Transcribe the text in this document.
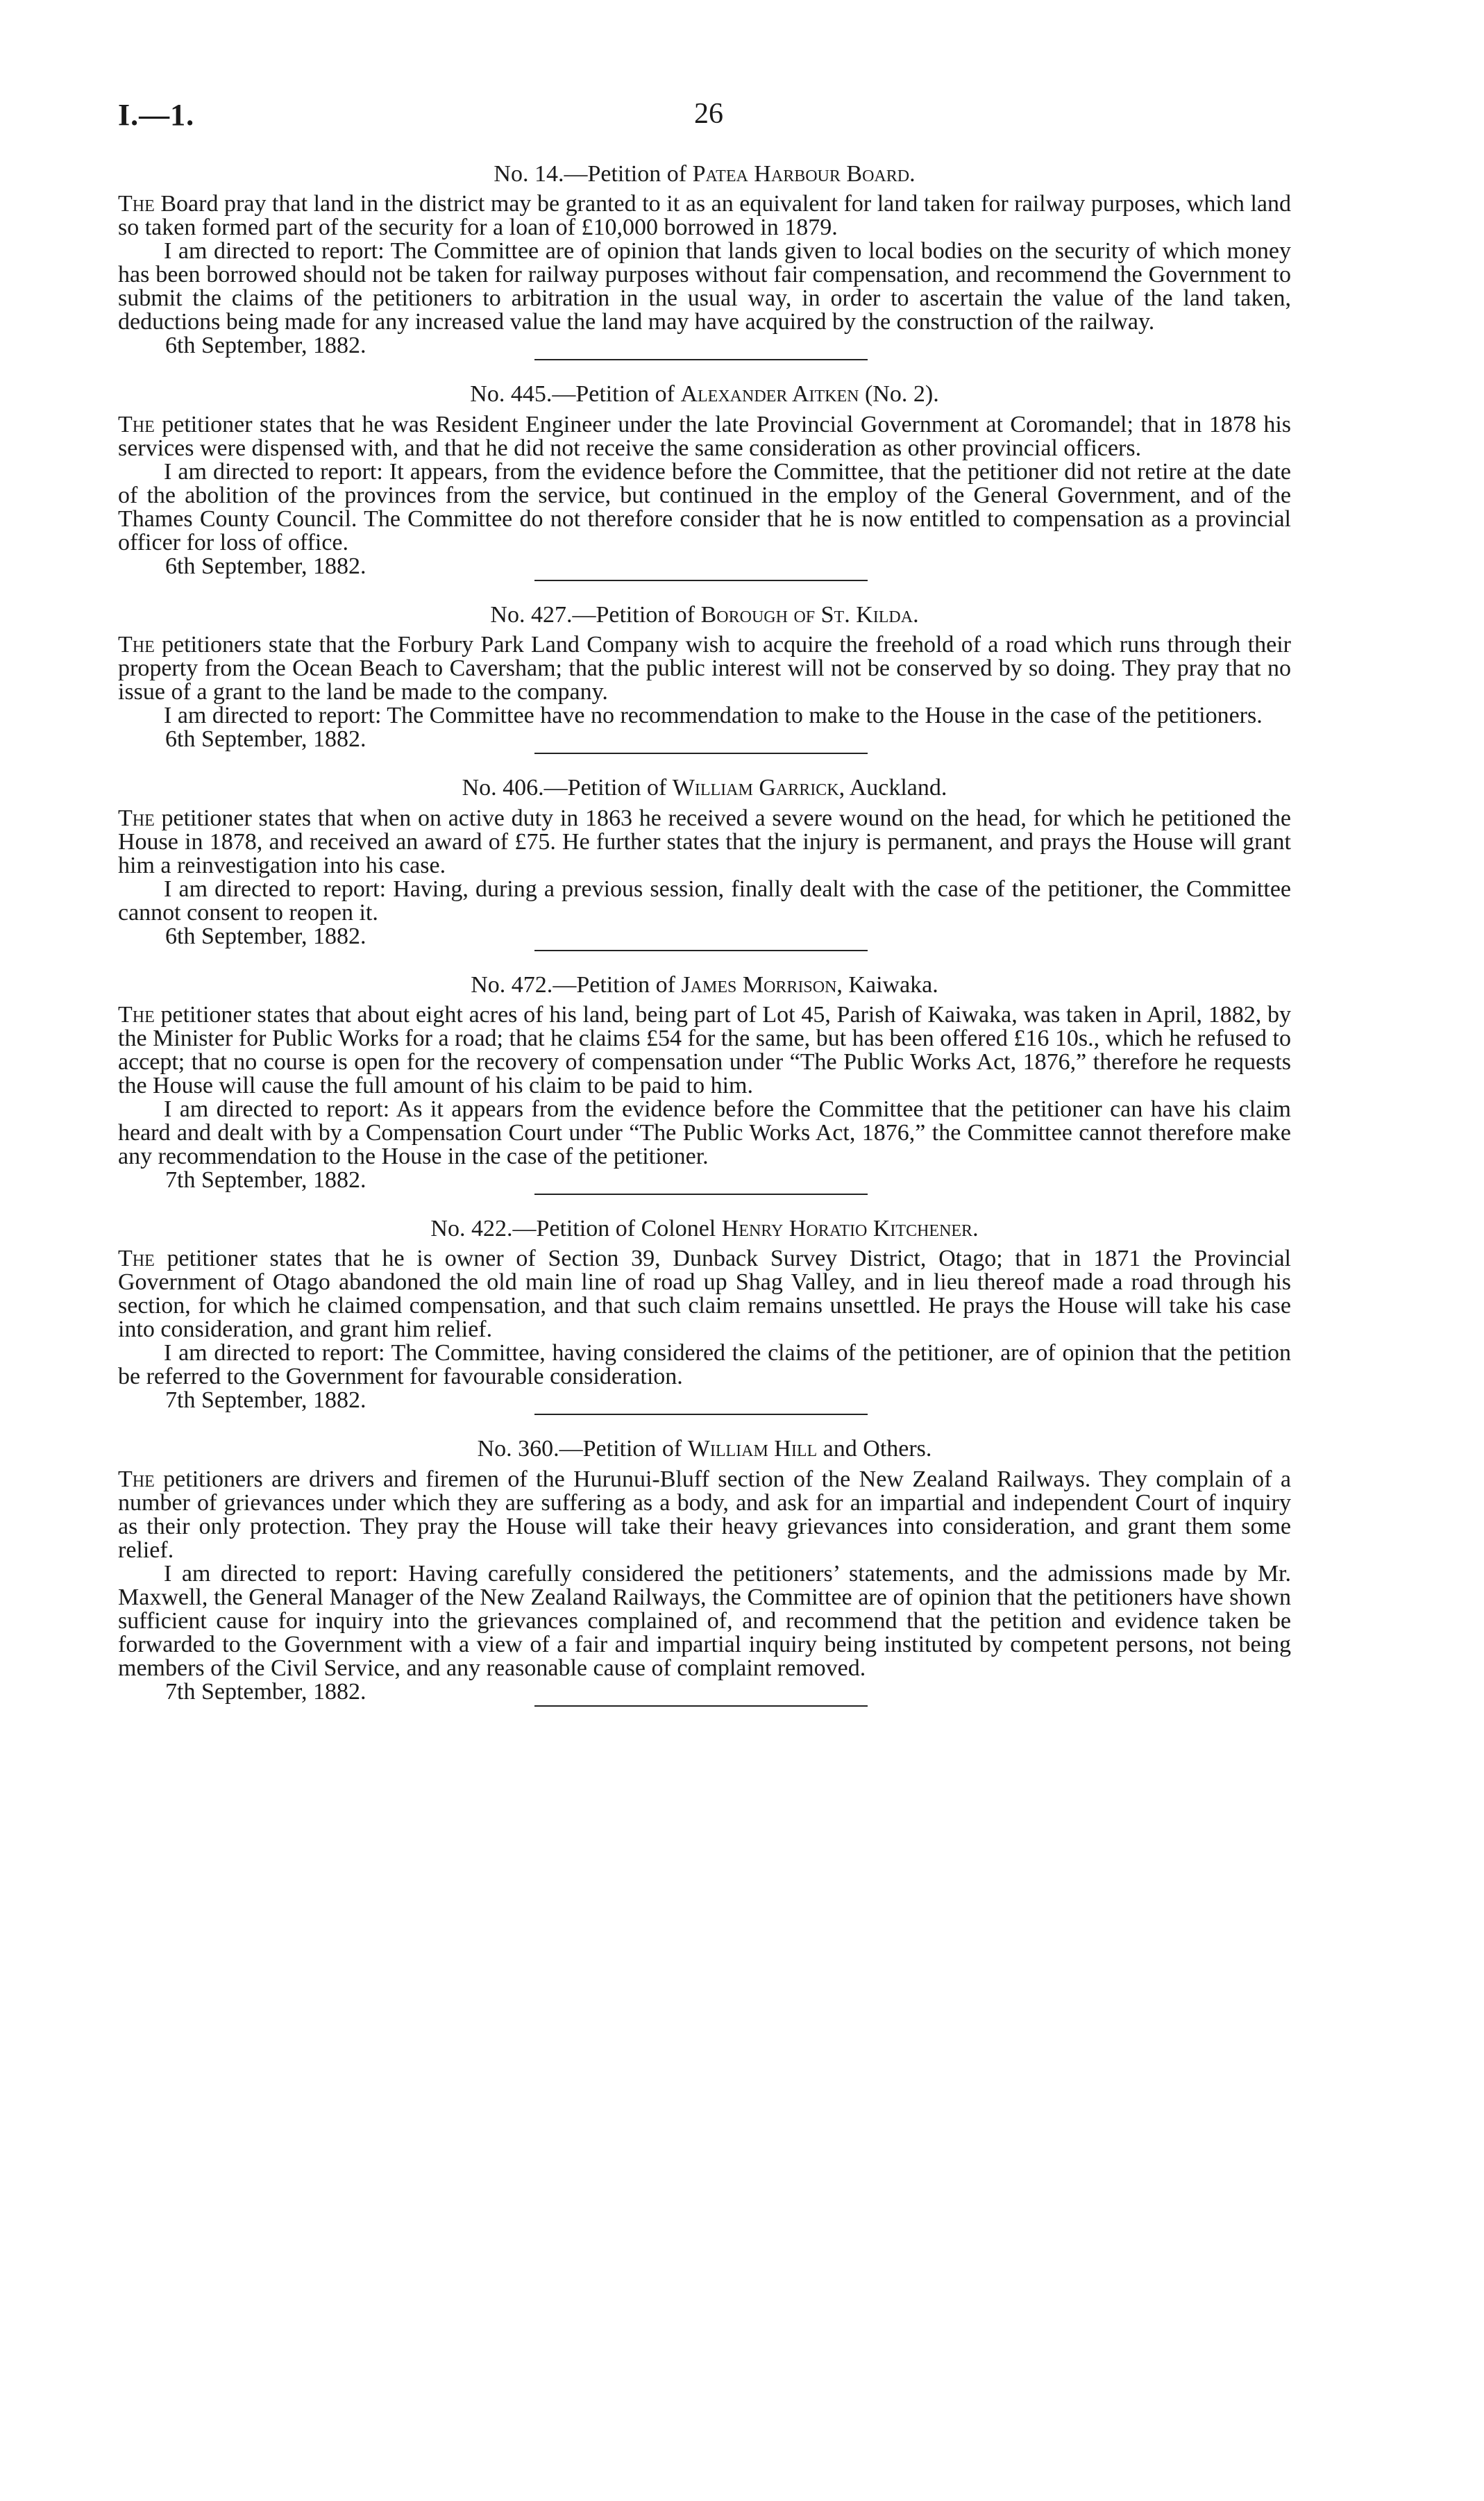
I.—1.	26

No. 14.—Petition of Patea Harbour Board.

The Board pray that land in the district may be granted to it as an equivalent for land taken for railway purposes, which land so taken formed part of the security for a loan of £10,000 borrowed in 1879.

I am directed to report: The Committee are of opinion that lands given to local bodies on the security of which money has been borrowed should not be taken for railway purposes without fair compensation, and recommend the Government to submit the claims of the petitioners to arbitration in the usual way, in order to ascertain the value of the land taken, deductions being made for any increased value the land may have acquired by the construction of the railway.

6th September, 1882.

No. 445.—Petition of Alexander Aitken (No. 2).

The petitioner states that he was Resident Engineer under the late Provincial Government at Coromandel; that in 1878 his services were dispensed with, and that he did not receive the same consideration as other provincial officers.

I am directed to report: It appears, from the evidence before the Committee, that the petitioner did not retire at the date of the abolition of the provinces from the service, but continued in the employ of the General Government, and of the Thames County Council. The Committee do not therefore consider that he is now entitled to compensation as a provincial officer for loss of office.

6th September, 1882.

No. 427.—Petition of Borough of St. Kilda.

The petitioners state that the Forbury Park Land Company wish to acquire the freehold of a road which runs through their property from the Ocean Beach to Caversham; that the public interest will not be conserved by so doing. They pray that no issue of a grant to the land be made to the company.

I am directed to report: The Committee have no recommendation to make to the House in the case of the petitioners.

6th September, 1882.

No. 406.—Petition of William Garrick, Auckland.

The petitioner states that when on active duty in 1863 he received a severe wound on the head, for which he petitioned the House in 1878, and received an award of £75. He further states that the injury is permanent, and prays the House will grant him a reinvestigation into his case.

I am directed to report: Having, during a previous session, finally dealt with the case of the petitioner, the Committee cannot consent to reopen it.

6th September, 1882.

No. 472.—Petition of James Morrison, Kaiwaka.

The petitioner states that about eight acres of his land, being part of Lot 45, Parish of Kaiwaka, was taken in April, 1882, by the Minister for Public Works for a road; that he claims £54 for the same, but has been offered £16 10s., which he refused to accept; that no course is open for the recovery of compensation under “The Public Works Act, 1876,” therefore he requests the House will cause the full amount of his claim to be paid to him.

I am directed to report: As it appears from the evidence before the Committee that the petitioner can have his claim heard and dealt with by a Compensation Court under “The Public Works Act, 1876,” the Committee cannot therefore make any recommendation to the House in the case of the petitioner.

7th September, 1882.

No. 422.—Petition of Colonel Henry Horatio Kitchener.

The petitioner states that he is owner of Section 39, Dunback Survey District, Otago; that in 1871 the Provincial Government of Otago abandoned the old main line of road up Shag Valley, and in lieu thereof made a road through his section, for which he claimed compensation, and that such claim remains unsettled. He prays the House will take his case into consideration, and grant him relief.

I am directed to report: The Committee, having considered the claims of the petitioner, are of opinion that the petition be referred to the Government for favourable consideration.

7th September, 1882.

No. 360.—Petition of William Hill and Others.

The petitioners are drivers and firemen of the Hurunui-Bluff section of the New Zealand Railways. They complain of a number of grievances under which they are suffering as a body, and ask for an impartial and independent Court of inquiry as their only protection. They pray the House will take their heavy grievances into consideration, and grant them some relief.

I am directed to report: Having carefully considered the petitioners’ statements, and the admissions made by Mr. Maxwell, the General Manager of the New Zealand Railways, the Committee are of opinion that the petitioners have shown sufficient cause for inquiry into the grievances complained of, and recommend that the petition and evidence taken be forwarded to the Government with a view of a fair and impartial inquiry being instituted by competent persons, not being members of the Civil Service, and any reasonable cause of complaint removed.

7th September, 1882.
